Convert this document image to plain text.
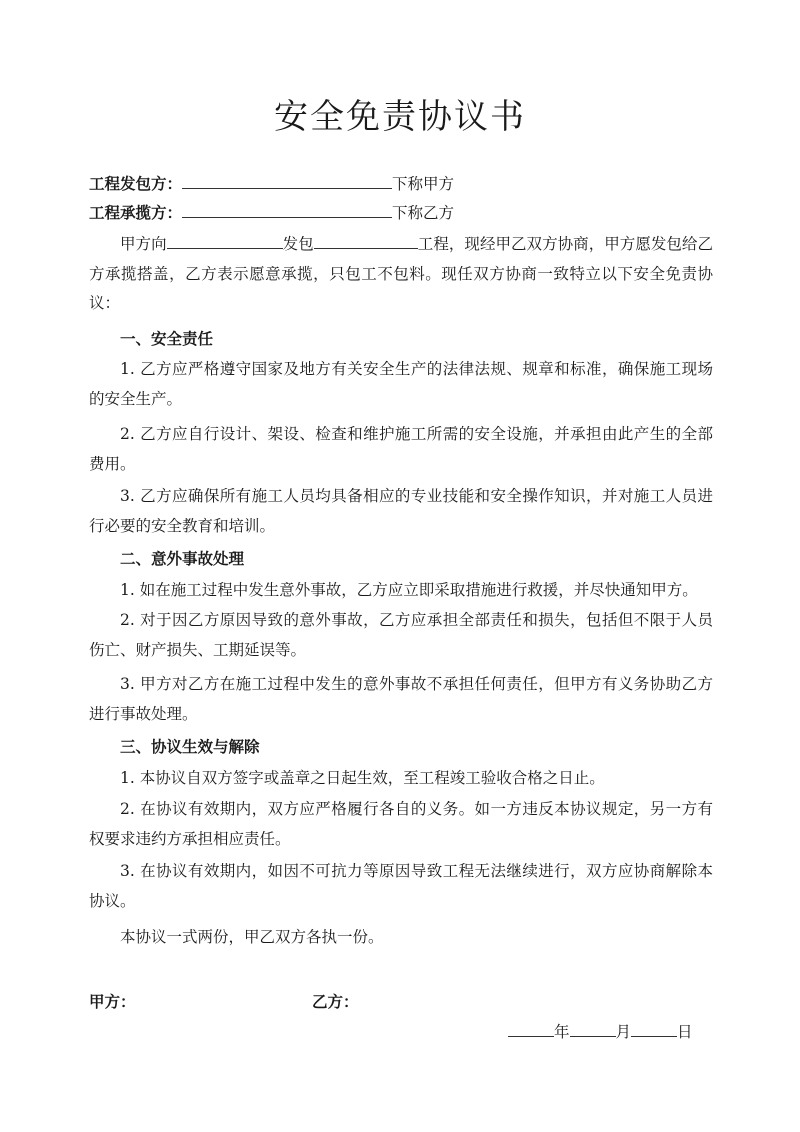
安全免责协议书
工程发包方：	下称甲方
工程承揽方：	下称乙方

甲方向	发包	工程，现经甲乙双方协商，甲方愿发包给乙方承揽搭盖，乙方表示愿意承揽，只包工不包料。现任双方协商一致特立以下安全免责协议：

一、安全责任

1. 乙方应严格遵守国家及地方有关安全生产的法律法规、规章和标准，确保施工现场的安全生产。

2. 乙方应自行设计、架设、检查和维护施工所需的安全设施，并承担由此产生的全部费用。

3. 乙方应确保所有施工人员均具备相应的专业技能和安全操作知识，并对施工人员进行必要的安全教育和培训。

二、意外事故处理

1. 如在施工过程中发生意外事故，乙方应立即采取措施进行救援，并尽快通知甲方。

2. 对于因乙方原因导致的意外事故，乙方应承担全部责任和损失，包括但不限于人员伤亡、财产损失、工期延误等。

3. 甲方对乙方在施工过程中发生的意外事故不承担任何责任，但甲方有义务协助乙方进行事故处理。

三、协议生效与解除

1. 本协议自双方签字或盖章之日起生效，至工程竣工验收合格之日止。

2. 在协议有效期内，双方应严格履行各自的义务。如一方违反本协议规定，另一方有权要求违约方承担相应责任。

3. 在协议有效期内，如因不可抗力等原因导致工程无法继续进行，双方应协商解除本协议。

本协议一式两份，甲乙双方各执一份。

甲方：	乙方：
年	月	日
